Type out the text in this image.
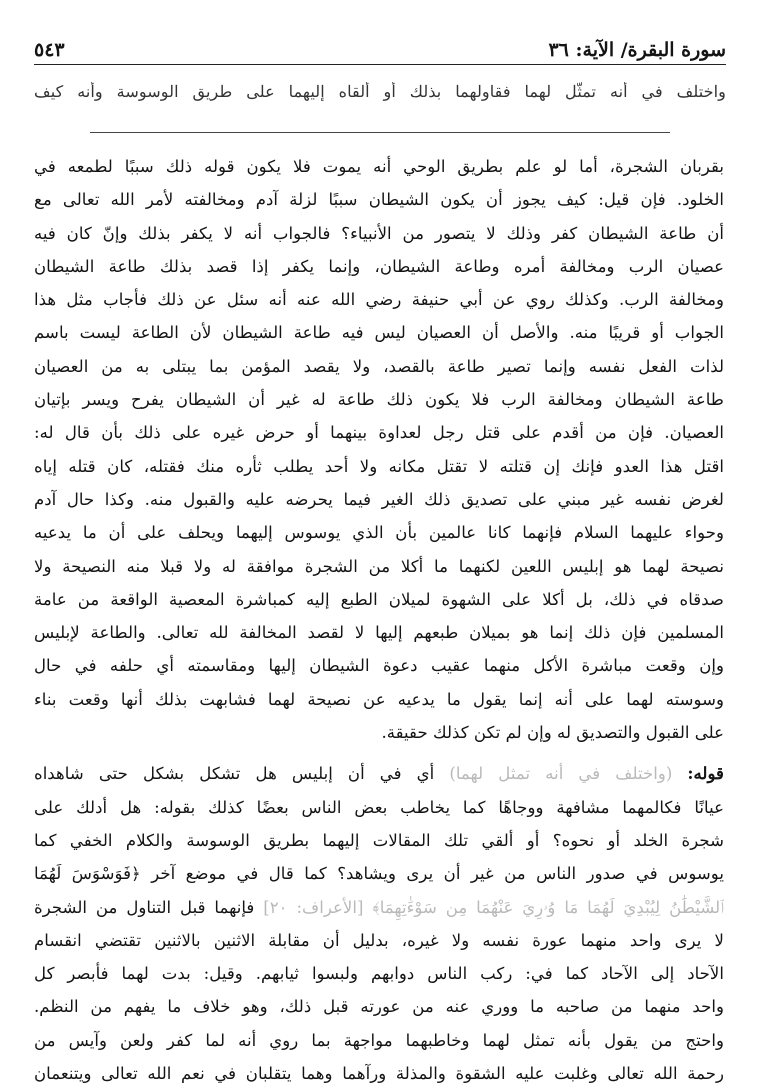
سورة البقرة/ الآية: ٣٦
٥٤٣
واختلف في أنه تمثّل لهما فقاولهما بذلك أو ألقاه إليهما على طريق الوسوسة وأنه كيف

بقربان الشجرة، أما لو علم بطريق الوحي أنه يموت فلا يكون قوله ذلك سببًا لطمعه في

الخلود. فإن قيل: كيف يجوز أن يكون الشيطان سببًا لزلة آدم ومخالفته لأمر الله تعالى مع

أن طاعة الشيطان كفر وذلك لا يتصور من الأنبياء؟ فالجواب أنه لا يكفر بذلك وإنّ كان فيه

عصيان الرب ومخالفة أمره وطاعة الشيطان، وإنما يكفر إذا قصد بذلك طاعة الشيطان

ومخالفة الرب. وكذلك روي عن أبي حنيفة رضي الله عنه أنه سئل عن ذلك فأجاب مثل هذا

الجواب أو قريبًا منه. والأصل أن العصيان ليس فيه طاعة الشيطان لأن الطاعة ليست باسم

لذات الفعل نفسه وإنما تصير طاعة بالقصد، ولا يقصد المؤمن بما يبتلى به من العصيان

طاعة الشيطان ومخالفة الرب فلا يكون ذلك طاعة له غير أن الشيطان يفرح ويسر بإتيان

العصيان. فإن من أقدم على قتل رجل لعداوة بينهما أو حرض غيره على ذلك بأن قال له:

اقتل هذا العدو فإنك إن قتلته لا تقتل مكانه ولا أحد يطلب ثأره منك فقتله، كان قتله إياه

لغرض نفسه غير مبني على تصديق ذلك الغير فيما يحرضه عليه والقبول منه. وكذا حال آدم

وحواء عليهما السلام فإنهما كانا عالمين بأن الذي يوسوس إليهما ويحلف على أن ما يدعيه

نصيحة لهما هو إبليس اللعين لكنهما ما أكلا من الشجرة موافقة له ولا قبلا منه النصيحة ولا

صدقاه في ذلك، بل أكلا على الشهوة لميلان الطبع إليه كمباشرة المعصية الواقعة من عامة

المسلمين فإن ذلك إنما هو بميلان طبعهم إليها لا لقصد المخالفة لله تعالى. والطاعة لإبليس

وإن وقعت مباشرة الأكل منهما عقيب دعوة الشيطان إليها ومقاسمته أي حلفه في حال

وسوسته لهما على أنه إنما يقول ما يدعيه عن نصيحة لهما فشابهت بذلك أنها وقعت بناء

على القبول والتصديق له وإن لم تكن كذلك حقيقة.

قوله: (واختلف في أنه تمثل لهما) أي في أن إبليس هل تشكل بشكل حتى شاهداه

عيانًا فكالمهما مشافهة ووجاهًا كما يخاطب بعض الناس بعضًا كذلك بقوله: هل أدلك على

شجرة الخلد أو نحوه؟ أو ألقي تلك المقالات إليهما بطريق الوسوسة والكلام الخفي كما

يوسوس في صدور الناس من غير أن يرى ويشاهد؟ كما قال في موضع آخر ﴿فَوَسْوَسَ لَهُمَا

ٱلشَّيْطَٰنُ لِيُبْدِيَ لَهُمَا مَا وُۥرِيَ عَنْهُمَا مِن سَوْءَٰتِهِمَا﴾ [الأعراف: ٢٠] فإنهما قبل التناول من الشجرة

لا يرى واحد منهما عورة نفسه ولا غيره، بدليل أن مقابلة الاثنين بالاثنين تقتضي انقسام

الآحاد إلى الآحاد كما في: ركب الناس دوابهم ولبسوا ثيابهم. وقيل: بدت لهما فأبصر كل

واحد منهما من صاحبه ما ووري عنه من عورته قبل ذلك، وهو خلاف ما يفهم من النظم.

واحتج من يقول بأنه تمثل لهما وخاطبهما مواجهة بما روي أنه لما كفر ولعن وآيس من

رحمة الله تعالى وغلبت عليه الشقوة والمذلة ورآهما وهما يتقلبان في نعم الله تعالى ويتنعمان
